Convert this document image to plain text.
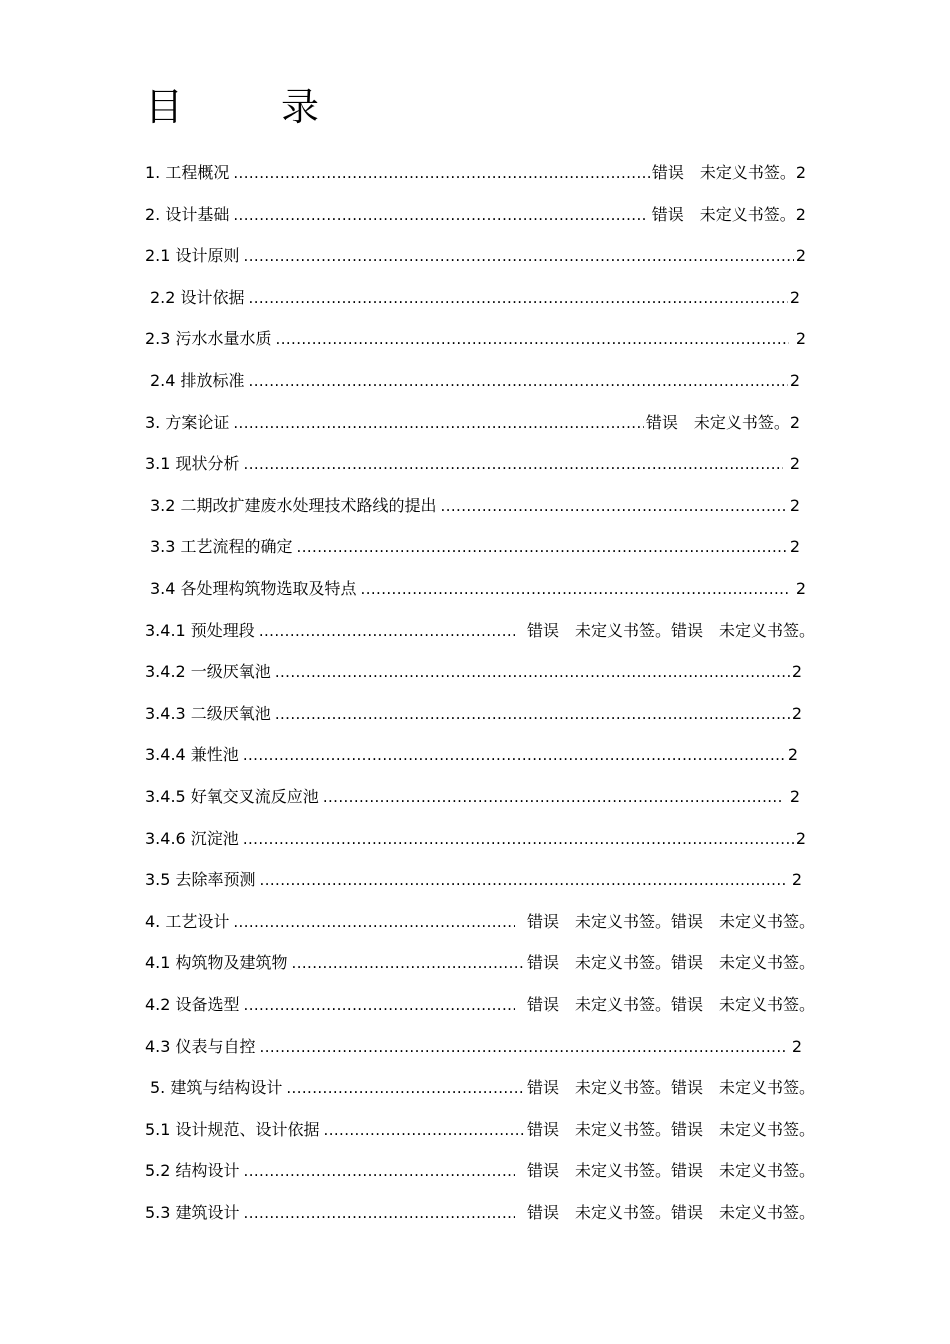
目　录
1. 工程概况 .....	错误　未定义书签。2
2. 设计基础 .....	错误　未定义书签。2
2.1 设计原则 .....	2
2.2 设计依据 .....	2
2.3 污水水量水质 .....	2
2.4 排放标准 .....	2
3. 方案论证 .....	错误　未定义书签。2
3.1 现状分析 .....	2
3.2 二期改扩建废水处理技术路线的提出 .....	2
3.3 工艺流程的确定 .....	2
3.4 各处理构筑物选取及特点 .....	2
3.4.1 预处理段 .....	错误　未定义书签。错误　未定义书签。
3.4.2 一级厌氧池 .....	2
3.4.3 二级厌氧池 .....	2
3.4.4 兼性池 .....	2
3.4.5 好氧交叉流反应池 .....	2
3.4.6 沉淀池 .....	2
3.5 去除率预测 .....	2
4. 工艺设计 .....	错误　未定义书签。错误　未定义书签。
4.1 构筑物及建筑物 .....	错误　未定义书签。错误　未定义书签。
4.2 设备选型 .....	错误　未定义书签。错误　未定义书签。
4.3 仪表与自控 .....	2
5. 建筑与结构设计 .....	错误　未定义书签。错误　未定义书签。
5.1 设计规范、设计依据 .....	错误　未定义书签。错误　未定义书签。
5.2 结构设计 .....	错误　未定义书签。错误　未定义书签。
5.3 建筑设计 .....	错误　未定义书签。错误　未定义书签。
